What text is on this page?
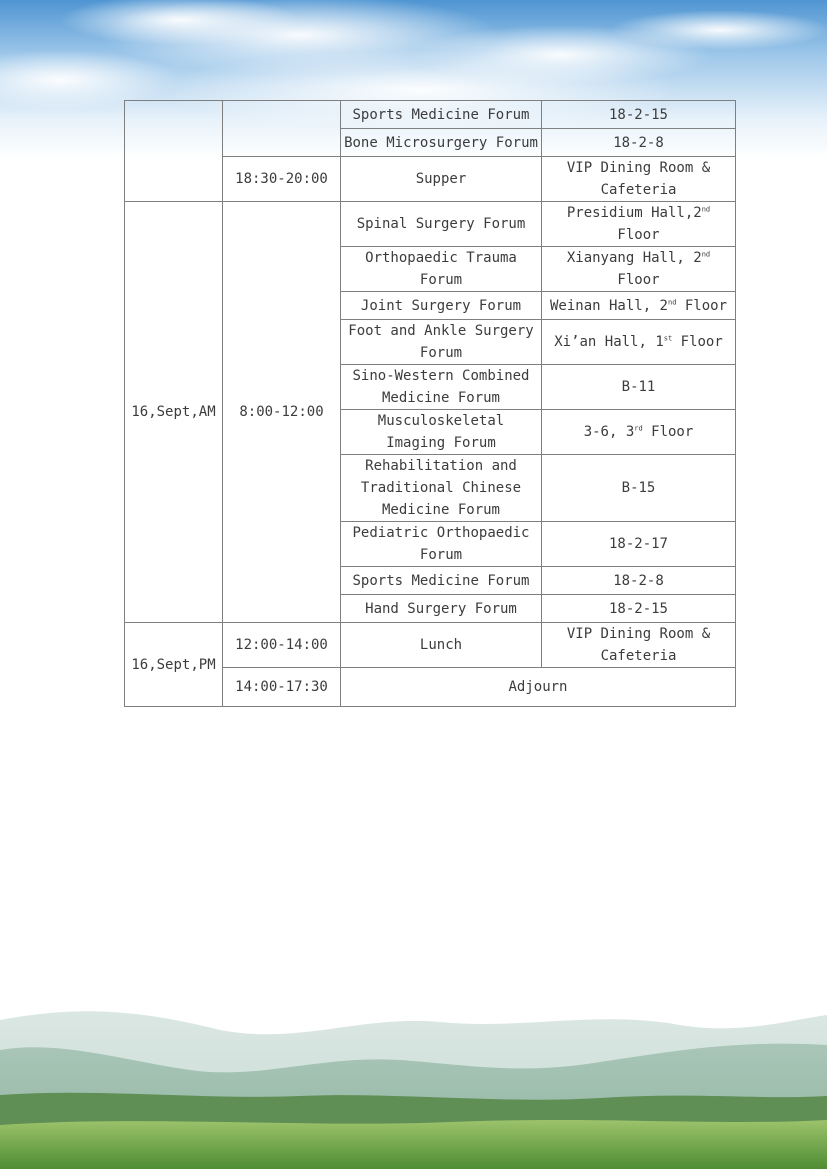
		Sports Medicine Forum	18-2-15
		Bone Microsurgery Forum	18-2-8
	18:30-20:00	Supper	VIP Dining Room & Cafeteria
16,Sept,AM	8:00-12:00	Spinal Surgery Forum	Presidium Hall,2nd Floor
		Orthopaedic Trauma Forum	Xianyang Hall, 2nd Floor
		Joint Surgery Forum	Weinan Hall, 2nd Floor
		Foot and Ankle Surgery Forum	Xi’an Hall, 1st Floor
		Sino-Western Combined Medicine Forum	B-11
		Musculoskeletal Imaging Forum	3-6, 3rd Floor
		Rehabilitation and Traditional Chinese Medicine Forum	B-15
		Pediatric Orthopaedic Forum	18-2-17
		Sports Medicine Forum	18-2-8
		Hand Surgery Forum	18-2-15
16,Sept,PM	12:00-14:00	Lunch	VIP Dining Room & Cafeteria
	14:00-17:30	Adjourn	
